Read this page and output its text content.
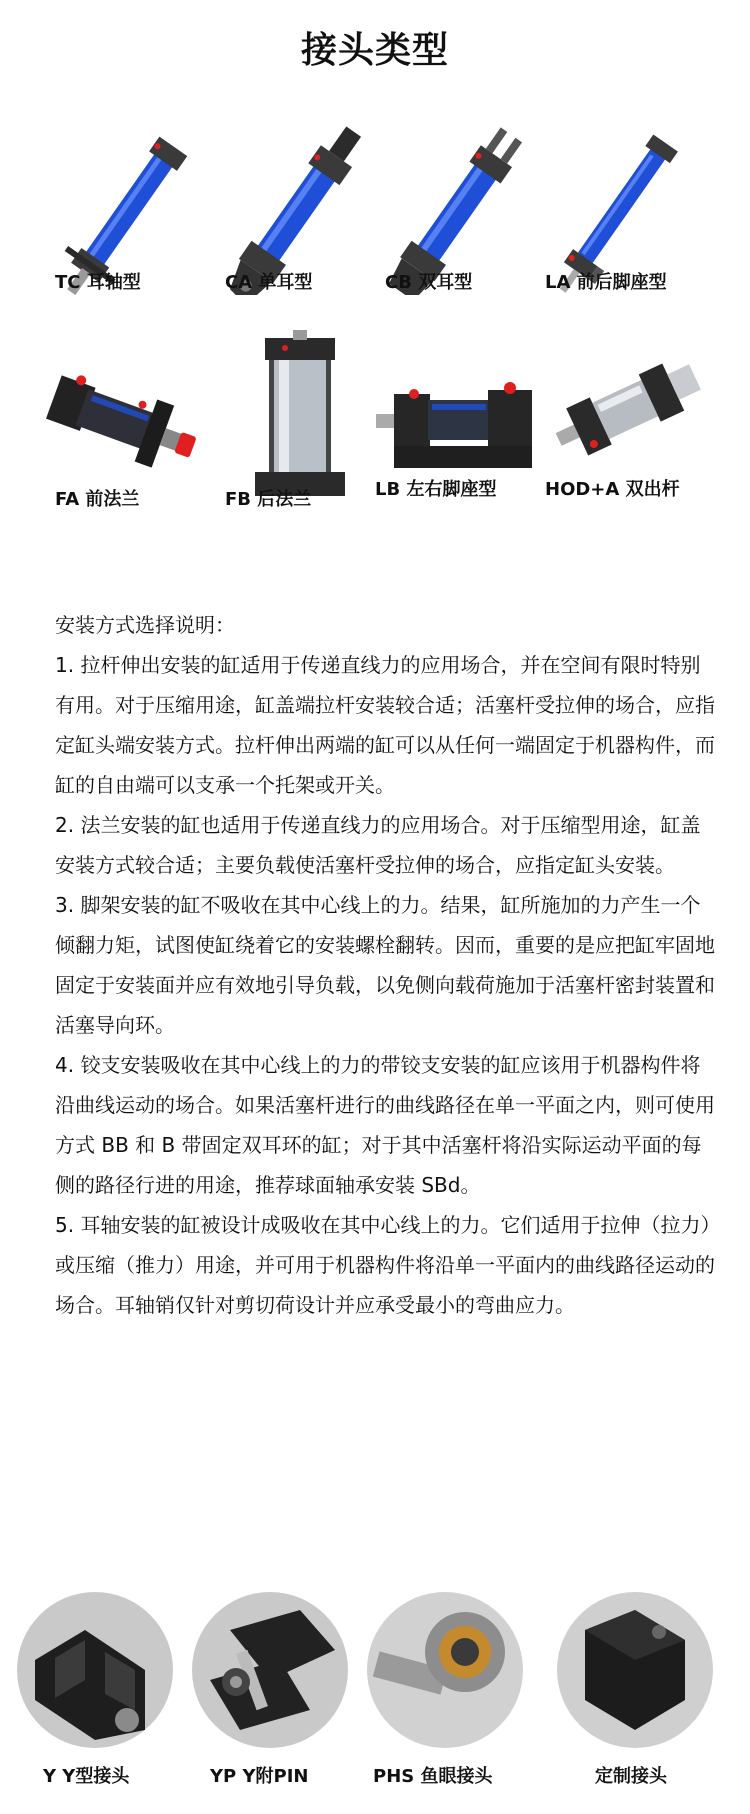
接头类型
TC 耳轴型	CA 单耳型	CB 双耳型	LA 前后脚座型
FA 前法兰	FB 后法兰	LB 左右脚座型	HOD+A 双出杆

安装方式选择说明：

1. 拉杆伸出安装的缸适用于传递直线力的应用场合，并在空间有限时特别有用。对于压缩用途，缸盖端拉杆安装较合适；活塞杆受拉伸的场合，应指定缸头端安装方式。拉杆伸出两端的缸可以从任何一端固定于机器构件，而缸的自由端可以支承一个托架或开关。

2. 法兰安装的缸也适用于传递直线力的应用场合。对于压缩型用途，缸盖安装方式较合适；主要负载使活塞杆受拉伸的场合，应指定缸头安装。

3. 脚架安装的缸不吸收在其中心线上的力。结果，缸所施加的力产生一个倾翻力矩，试图使缸绕着它的安装螺栓翻转。因而，重要的是应把缸牢固地固定于安装面并应有效地引导负载，以免侧向载荷施加于活塞杆密封装置和活塞导向环。

4. 铰支安装吸收在其中心线上的力的带铰支安装的缸应该用于机器构件将沿曲线运动的场合。如果活塞杆进行的曲线路径在单一平面之内，则可使用方式 BB 和 B 带固定双耳环的缸；对于其中活塞杆将沿实际运动平面的每侧的路径行进的用途，推荐球面轴承安装 SBd。

5. 耳轴安装的缸被设计成吸收在其中心线上的力。它们适用于拉伸（拉力）或压缩（推力）用途，并可用于机器构件将沿单一平面内的曲线路径运动的场合。耳轴销仅针对剪切荷设计并应承受最小的弯曲应力。

Y Y型接头	YP Y附PIN	PHS 鱼眼接头	定制接头
